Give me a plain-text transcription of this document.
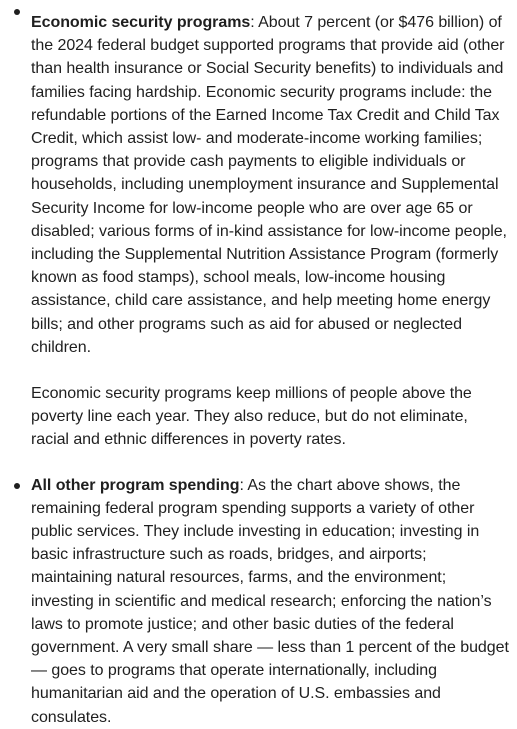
Economic security programs: About 7 percent (or $476 billion) of the 2024 federal budget supported programs that provide aid (other than health insurance or Social Security benefits) to individuals and families facing hardship. Economic security programs include: the refundable portions of the Earned Income Tax Credit and Child Tax Credit, which assist low- and moderate-income working families; programs that provide cash payments to eligible individuals or households, including unemployment insurance and Supplemental Security Income for low-income people who are over age 65 or disabled; various forms of in-kind assistance for low-income people, including the Supplemental Nutrition Assistance Program (formerly known as food stamps), school meals, low-income housing assistance, child care assistance, and help meeting home energy bills; and other programs such as aid for abused or neglected children.

Economic security programs keep millions of people above the poverty line each year. They also reduce, but do not eliminate, racial and ethnic differences in poverty rates.

All other program spending: As the chart above shows, the remaining federal program spending supports a variety of other public services. They include investing in education; investing in basic infrastructure such as roads, bridges, and airports; maintaining natural resources, farms, and the environment; investing in scientific and medical research; enforcing the nation’s laws to promote justice; and other basic duties of the federal government. A very small share — less than 1 percent of the budget — goes to programs that operate internationally, including humanitarian aid and the operation of U.S. embassies and consulates.
